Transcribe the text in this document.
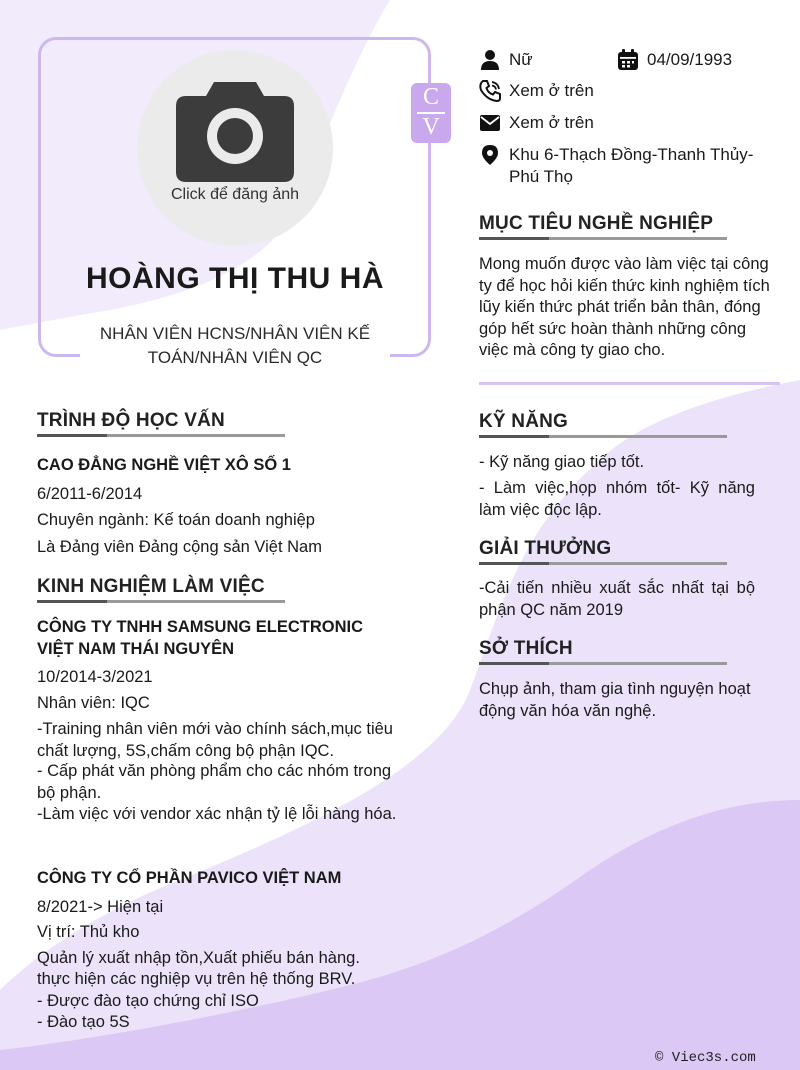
Click để đăng ảnh
HOÀNG THỊ THU HÀ
NHÂN VIÊN HCNS/NHÂN VIÊN KẾ TOÁN/NHÂN VIÊN QC
C
V
Nữ	04/09/1993
Xem ở trên
Xem ở trên
Khu 6-Thạch Đồng-Thanh Thủy-Phú Thọ
MỤC TIÊU NGHỀ NGHIỆP
Mong muốn được vào làm việc tại công ty để học hỏi kiến thức kinh nghiệm tích lũy kiến thức phát triển bản thân, đóng góp hết sức hoàn thành những công việc mà công ty giao cho.
KỸ NĂNG
- Kỹ năng giao tiếp tốt.
- Làm việc,họp nhóm tốt- Kỹ năng làm việc độc lập.
GIẢI THƯỞNG
-Cải tiến nhiều xuất sắc nhất tại bộ phận QC năm 2019
SỞ THÍCH
Chụp ảnh, tham gia tình nguyện hoạt động văn hóa văn nghệ.
TRÌNH ĐỘ HỌC VẤN
CAO ĐẲNG NGHỀ VIỆT XÔ SỐ 1
6/2011-6/2014
Chuyên ngành: Kế toán doanh nghiệp
Là Đảng viên Đảng cộng sản Việt Nam
KINH NGHIỆM LÀM VIỆC
CÔNG TY TNHH SAMSUNG ELECTRONIC VIỆT NAM THÁI NGUYÊN
10/2014-3/2021
Nhân viên: IQC
-Training nhân viên mới vào chính sách,mục tiêu chất lượng, 5S,chấm công bộ phận IQC.
- Cấp phát văn phòng phẩm cho các nhóm trong bộ phận.
-Làm việc với vendor xác nhận tỷ lệ lỗi hàng hóa.
CÔNG TY CỔ PHẦN PAVICO VIỆT NAM
8/2021-> Hiện tại
Vị trí: Thủ kho
Quản lý xuất nhập tồn,Xuất phiếu bán hàng.
thực hiện các nghiệp vụ trên hệ thống BRV.
- Được đào tạo chứng chỉ ISO
- Đào tạo 5S
© Viec3s.com
